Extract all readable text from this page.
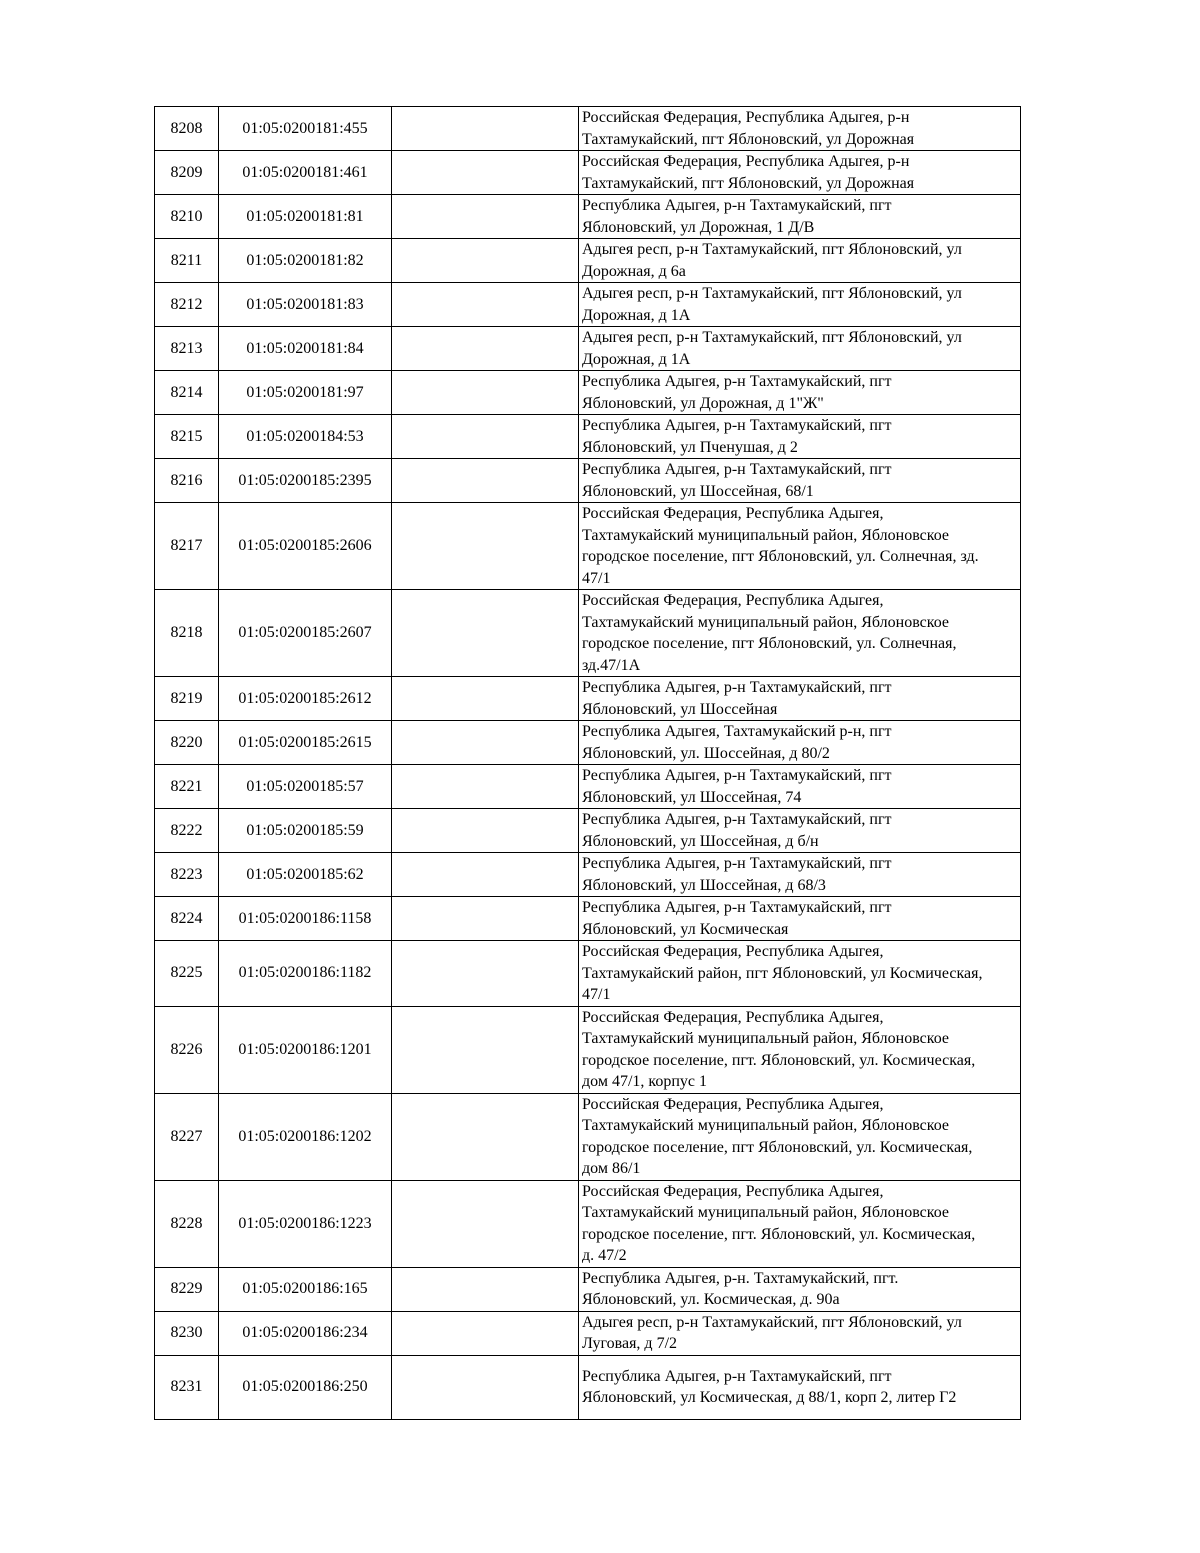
8208	01:05:0200181:455		Российская Федерация, Республика Адыгея, р-н
Тахтамукайский, пгт Яблоновский, ул Дорожная

8209	01:05:0200181:461		Российская Федерация, Республика Адыгея, р-н
Тахтамукайский, пгт Яблоновский, ул Дорожная

8210	01:05:0200181:81		Республика Адыгея, р-н Тахтамукайский, пгт
Яблоновский, ул Дорожная, 1 Д/В

8211	01:05:0200181:82		Адыгея респ, р-н Тахтамукайский, пгт Яблоновский, ул
Дорожная, д 6а

8212	01:05:0200181:83		Адыгея респ, р-н Тахтамукайский, пгт Яблоновский, ул
Дорожная, д 1А

8213	01:05:0200181:84		Адыгея респ, р-н Тахтамукайский, пгт Яблоновский, ул
Дорожная, д 1А

8214	01:05:0200181:97		Республика Адыгея, р-н Тахтамукайский, пгт
Яблоновский, ул Дорожная, д 1"Ж"

8215	01:05:0200184:53		Республика Адыгея, р-н Тахтамукайский, пгт
Яблоновский, ул Пченушая, д 2

8216	01:05:0200185:2395		Республика Адыгея, р-н Тахтамукайский, пгт
Яблоновский, ул Шоссейная, 68/1

8217	01:05:0200185:2606		Российская Федерация, Республика Адыгея,
Тахтамукайский муниципальный район, Яблоновское
городское поселение, пгт Яблоновский, ул. Солнечная, зд.
47/1

8218	01:05:0200185:2607		Российская Федерация, Республика Адыгея,
Тахтамукайский муниципальный район, Яблоновское
городское поселение, пгт Яблоновский, ул. Солнечная,
зд.47/1А

8219	01:05:0200185:2612		Республика Адыгея, р-н Тахтамукайский, пгт
Яблоновский, ул Шоссейная

8220	01:05:0200185:2615		Республика Адыгея, Тахтамукайский р-н, пгт
Яблоновский, ул. Шоссейная, д 80/2

8221	01:05:0200185:57		Республика Адыгея, р-н Тахтамукайский, пгт
Яблоновский, ул Шоссейная, 74

8222	01:05:0200185:59		Республика Адыгея, р-н Тахтамукайский, пгт
Яблоновский, ул Шоссейная, д б/н

8223	01:05:0200185:62		Республика Адыгея, р-н Тахтамукайский, пгт
Яблоновский, ул Шоссейная, д 68/3

8224	01:05:0200186:1158		Республика Адыгея, р-н Тахтамукайский, пгт
Яблоновский, ул Космическая

8225	01:05:0200186:1182		Российская Федерация, Республика Адыгея,
Тахтамукайский район, пгт Яблоновский, ул Космическая,
47/1

8226	01:05:0200186:1201		Российская Федерация, Республика Адыгея,
Тахтамукайский муниципальный район, Яблоновское
городское поселение, пгт. Яблоновский, ул. Космическая,
дом 47/1, корпус 1

8227	01:05:0200186:1202		Российская Федерация, Республика Адыгея,
Тахтамукайский муниципальный район, Яблоновское
городское поселение, пгт Яблоновский, ул. Космическая,
дом 86/1

8228	01:05:0200186:1223		Российская Федерация, Республика Адыгея,
Тахтамукайский муниципальный район, Яблоновское
городское поселение, пгт. Яблоновский, ул. Космическая,
д. 47/2

8229	01:05:0200186:165		Республика Адыгея, р-н. Тахтамукайский, пгт.
Яблоновский, ул. Космическая, д. 90а

8230	01:05:0200186:234		Адыгея респ, р-н Тахтамукайский, пгт Яблоновский, ул
Луговая, д 7/2

8231	01:05:0200186:250		Республика Адыгея, р-н Тахтамукайский, пгт
Яблоновский, ул Космическая, д 88/1, корп 2, литер Г2
